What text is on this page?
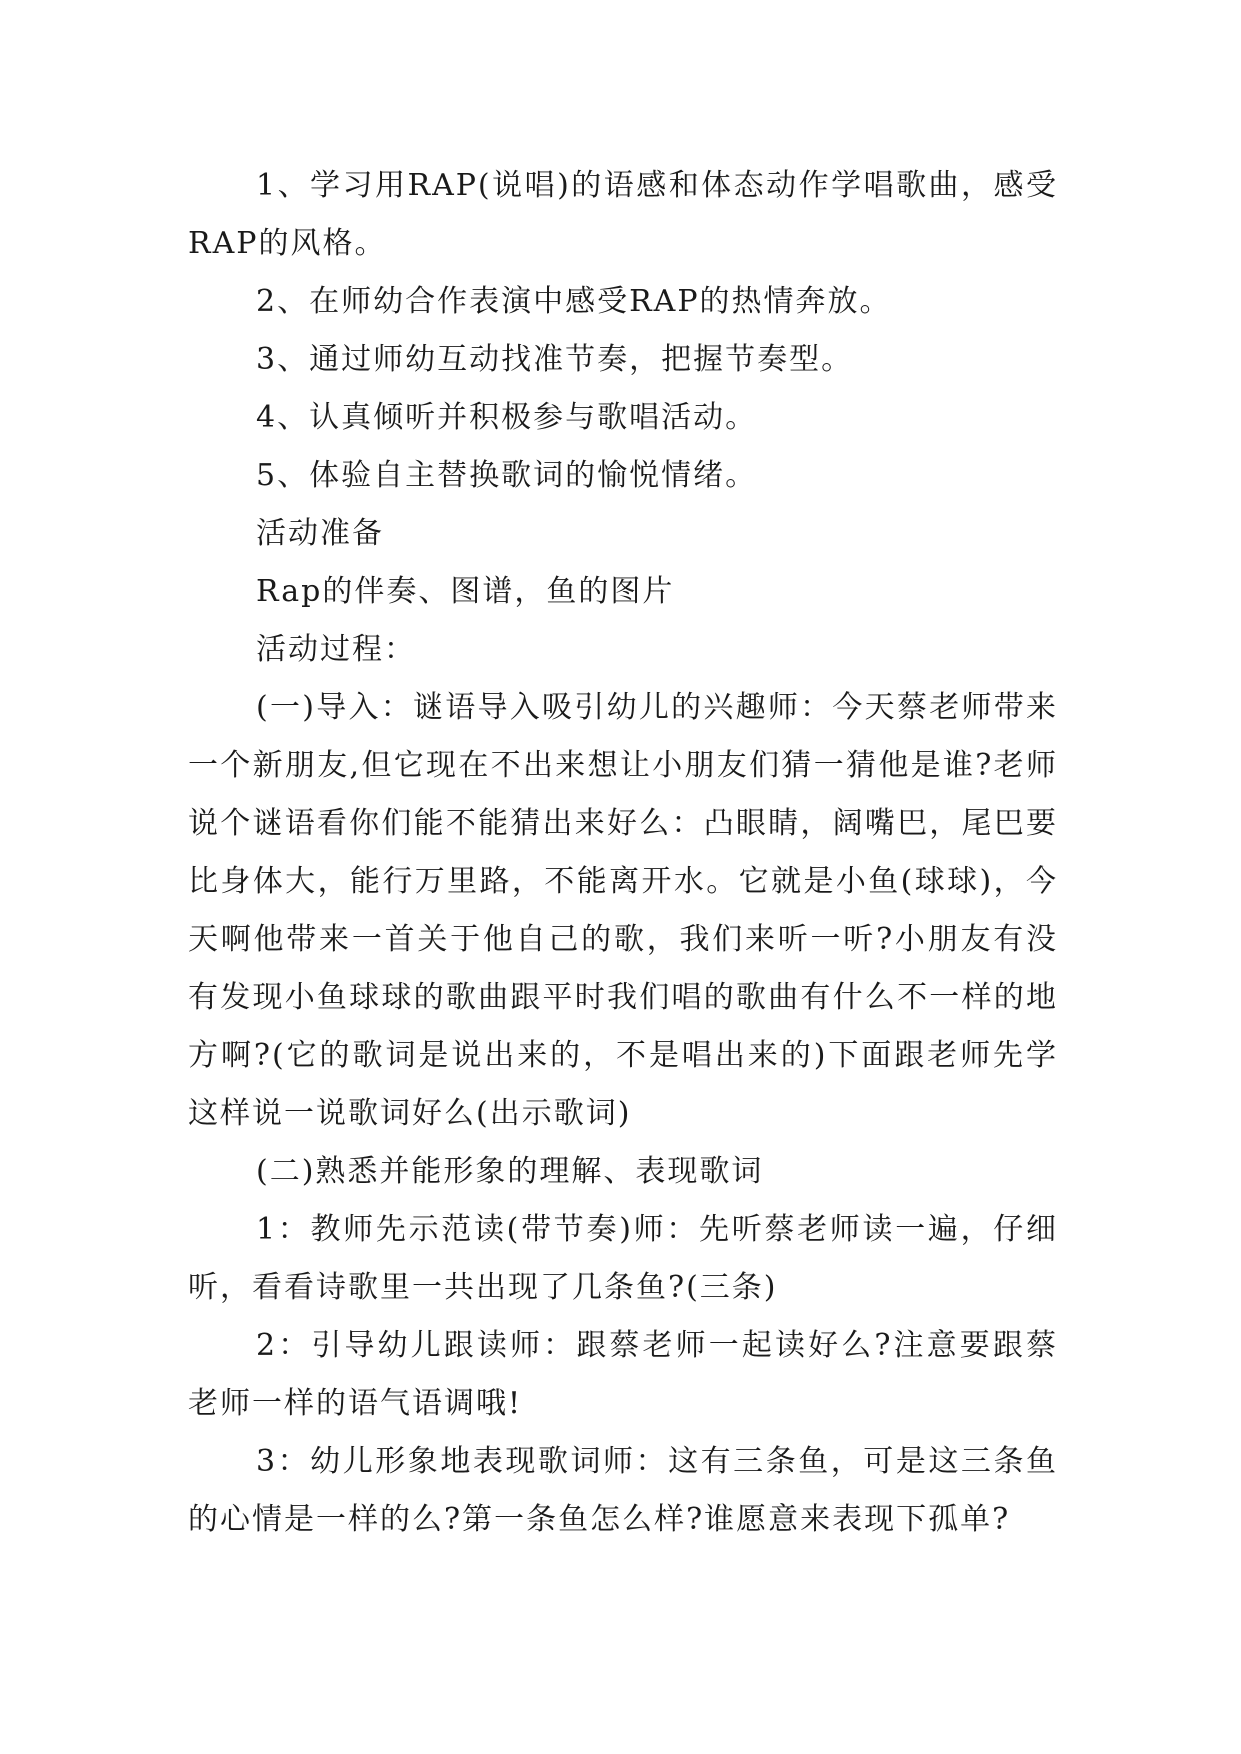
1、学习用RAP(说唱)的语感和体态动作学唱歌曲，感受RAP的风格。

2、在师幼合作表演中感受RAP的热情奔放。

3、通过师幼互动找准节奏，把握节奏型。

4、认真倾听并积极参与歌唱活动。

5、体验自主替换歌词的愉悦情绪。

活动准备

Rap的伴奏、图谱，鱼的图片

活动过程：

(一)导入：谜语导入吸引幼儿的兴趣师：今天蔡老师带来一个新朋友,但它现在不出来想让小朋友们猜一猜他是谁?老师说个谜语看你们能不能猜出来好么：凸眼睛，阔嘴巴，尾巴要比身体大，能行万里路，不能离开水。它就是小鱼(球球)，今天啊他带来一首关于他自己的歌，我们来听一听?小朋友有没有发现小鱼球球的歌曲跟平时我们唱的歌曲有什么不一样的地方啊?(它的歌词是说出来的，不是唱出来的)下面跟老师先学这样说一说歌词好么(出示歌词)

(二)熟悉并能形象的理解、表现歌词

1：教师先示范读(带节奏)师：先听蔡老师读一遍，仔细听，看看诗歌里一共出现了几条鱼?(三条)

2：引导幼儿跟读师：跟蔡老师一起读好么?注意要跟蔡老师一样的语气语调哦!

3：幼儿形象地表现歌词师：这有三条鱼，可是这三条鱼的心情是一样的么?第一条鱼怎么样?谁愿意来表现下孤单?
